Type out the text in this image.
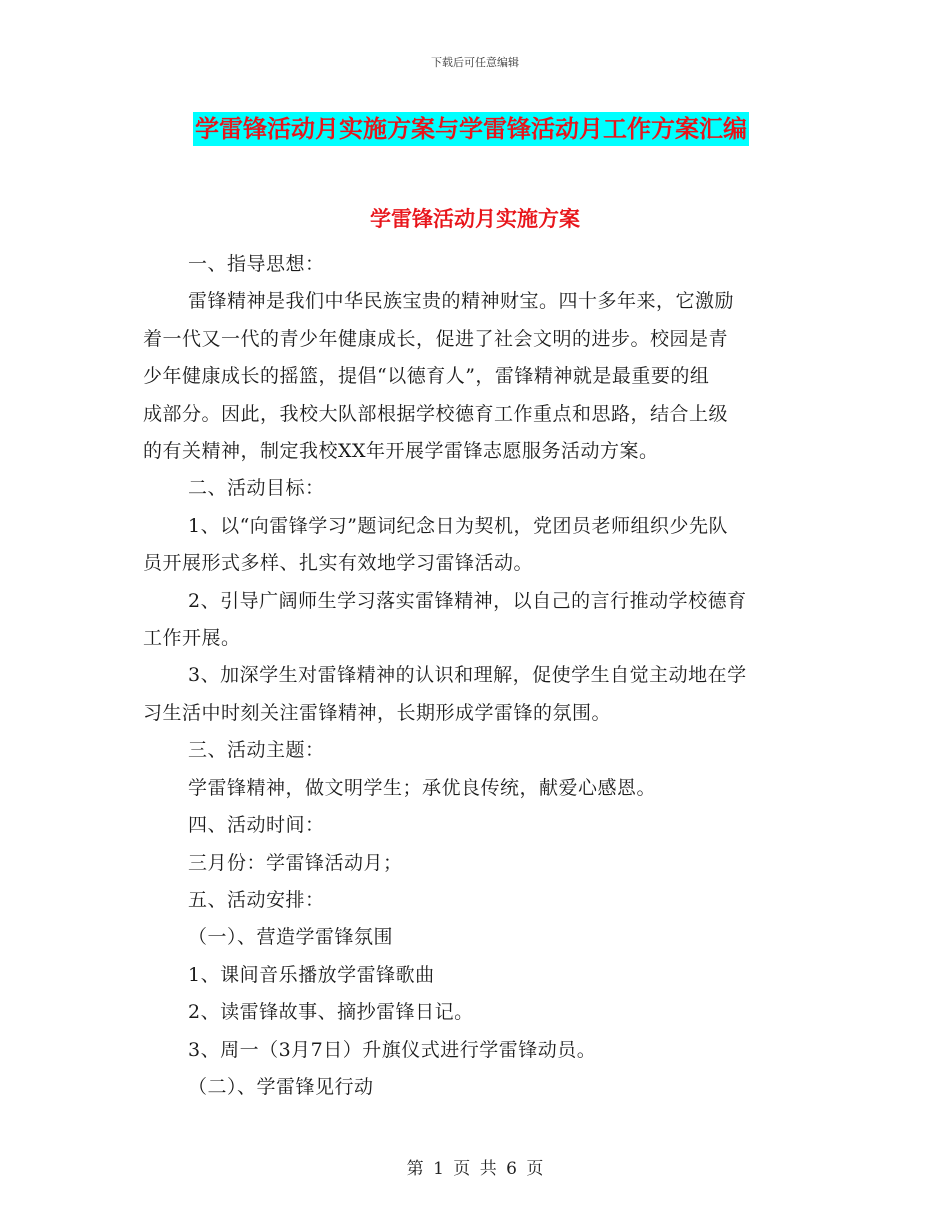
下载后可任意编辑
学雷锋活动月实施方案与学雷锋活动月工作方案汇编
学雷锋活动月实施方案

一、指导思想：

雷锋精神是我们中华民族宝贵的精神财宝。四十多年来，它激励

着一代又一代的青少年健康成长，促进了社会文明的进步。校园是青

少年健康成长的摇篮，提倡“以德育人”，雷锋精神就是最重要的组

成部分。因此，我校大队部根据学校德育工作重点和思路，结合上级

的有关精神，制定我校XX年开展学雷锋志愿服务活动方案。

二、活动目标：

1、以“向雷锋学习”题词纪念日为契机，党团员老师组织少先队

员开展形式多样、扎实有效地学习雷锋活动。

2、引导广阔师生学习落实雷锋精神，以自己的言行推动学校德育

工作开展。

3、加深学生对雷锋精神的认识和理解，促使学生自觉主动地在学

习生活中时刻关注雷锋精神，长期形成学雷锋的氛围。

三、活动主题：

学雷锋精神，做文明学生；承优良传统，献爱心感恩。

四、活动时间：

三月份：学雷锋活动月；

五、活动安排：

（一）、营造学雷锋氛围

1、课间音乐播放学雷锋歌曲

2、读雷锋故事、摘抄雷锋日记。

3、周一（3月7日）升旗仪式进行学雷锋动员。

（二）、学雷锋见行动

第 1 页 共 6 页
